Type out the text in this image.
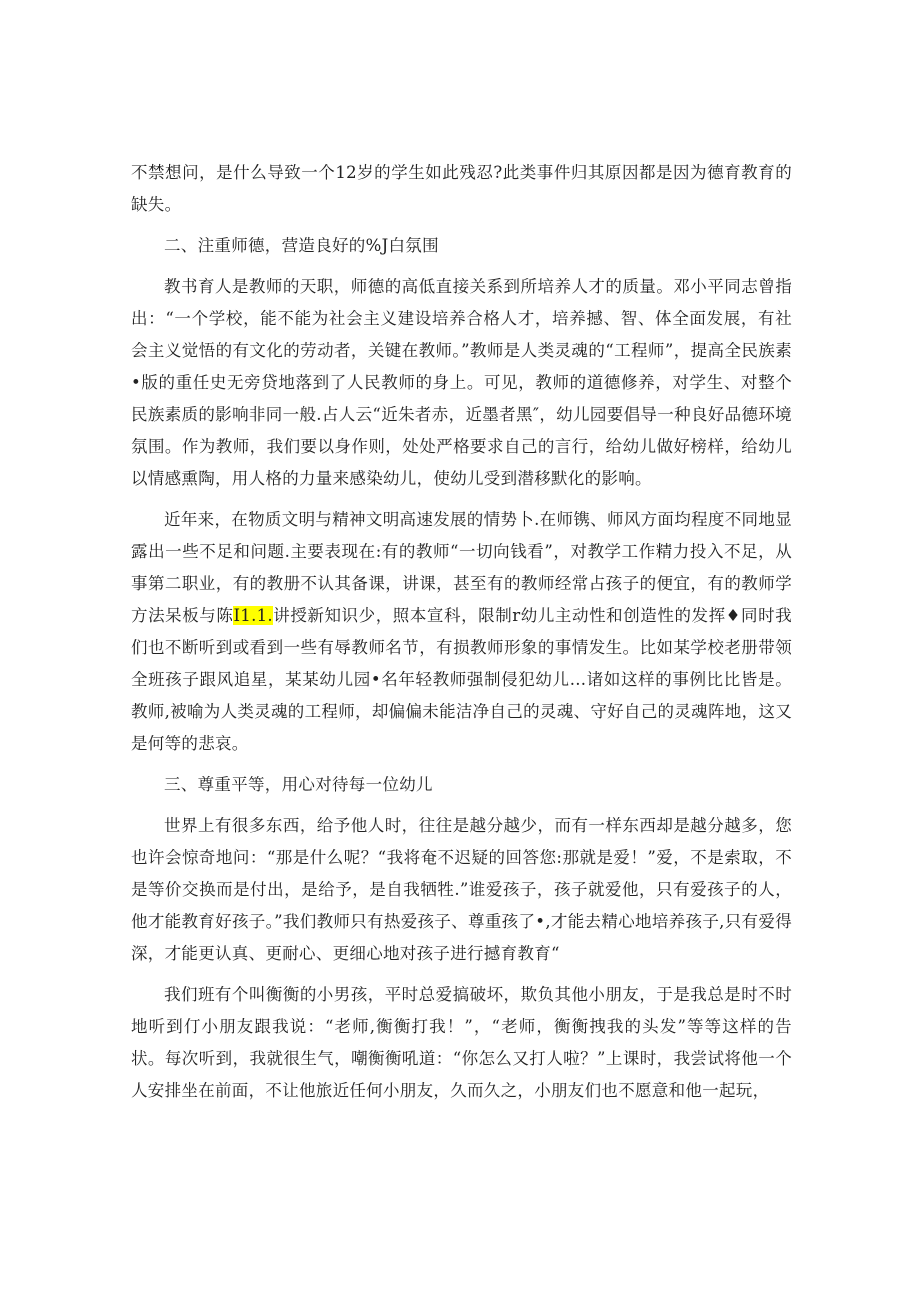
不禁想问，是什么导致一个12岁的学生如此残忍?此类事件归其原因都是因为德育教育的缺失。

二、注重师德，营造良好的%J白氛围

教书育人是教师的天职，师德的高低直接关系到所培养人才的质量。邓小平同志曾指出：“一个学校，能不能为社会主义建设培养合格人才，培养撼、智、体全面发展，有社会主义觉悟的有文化的劳动者，关键在教师。”教师是人类灵魂的“工程师”，提高全民族素•版的重任史无旁贷地落到了人民教师的身上。可见，教师的道德修养，对学生、对整个民族素质的影响非同一般.占人云“近朱者赤，近墨者黑″，幼儿园要倡导一种良好品德环境氛围。作为教师，我们要以身作则，处处严格要求自己的言行，给幼儿做好榜样，给幼儿以情感熏陶，用人格的力量来感染幼儿，使幼儿受到潜移默化的影响。

近年来，在物质文明与精神文明高速发展的情势卜.在师镌、师风方面均程度不同地显露出一些不足和问题.主要表现在:有的教师“一切向钱看”，对教学工作精力投入不足，从事第二职业，有的教册不认其备课，讲课，甚至有的教师经常占孩子的便宜，有的教师学方法呆板与陈I1.1.讲授新知识少，照本宣科，限制r幼儿主动性和创造性的发挥♦同时我们也不断听到或看到一些有辱教师名节，有损教师形象的事情发生。比如某学校老册带领全班孩子跟风追星，某某幼儿园•名年轻教师强制侵犯幼儿…诸如这样的事例比比皆是。教师,被喻为人类灵魂的工程师，却偏偏未能洁净自己的灵魂、守好自己的灵魂阵地，这又是何等的悲哀。

三、尊重平等，用心对待每一位幼儿

世界上有很多东西，给予他人时，往往是越分越少，而有一样东西却是越分越多，您也许会惊奇地问：“那是什么呢？“我将奄不迟疑的回答您:那就是爱！”爱，不是索取，不是等价交换而是付出，是给予，是自我牺牲.”谁爱孩子，孩子就爱他，只有爱孩子的人，他才能教育好孩子。”我们教师只有热爱孩子、尊重孩了•,才能去精心地培养孩子,只有爱得深，才能更认真、更耐心、更细心地对孩子进行撼育教育“

我们班有个叫衡衡的小男孩，平时总爱搞破坏，欺负其他小朋友，于是我总是时不时地听到仃小朋友跟我说：“老师,衡衡打我！”，“老师，衡衡拽我的头发”等等这样的告状。每次听到，我就很生气，嘲衡衡吼道：“你怎么又打人啦？”上课时，我尝试将他一个人安排坐在前面，不让他旅近任何小朋友，久而久之，小朋友们也不愿意和他一起玩，
